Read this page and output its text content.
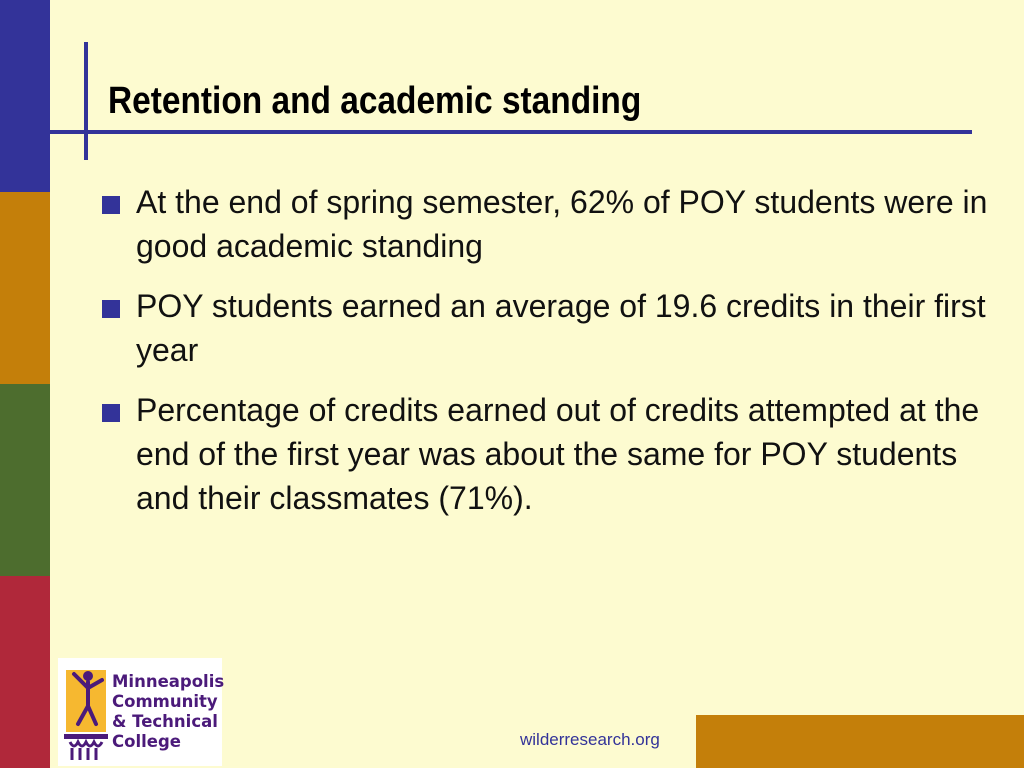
Retention and academic standing
At the end of spring semester, 62% of POY students were in good academic standing
POY students earned an average of 19.6 credits in their first year
Percentage of credits earned out of credits attempted at the end of the first year was about the same for POY students and their classmates (71%).
Minneapolis
Community
& Technical
College	wilderresearch.org
